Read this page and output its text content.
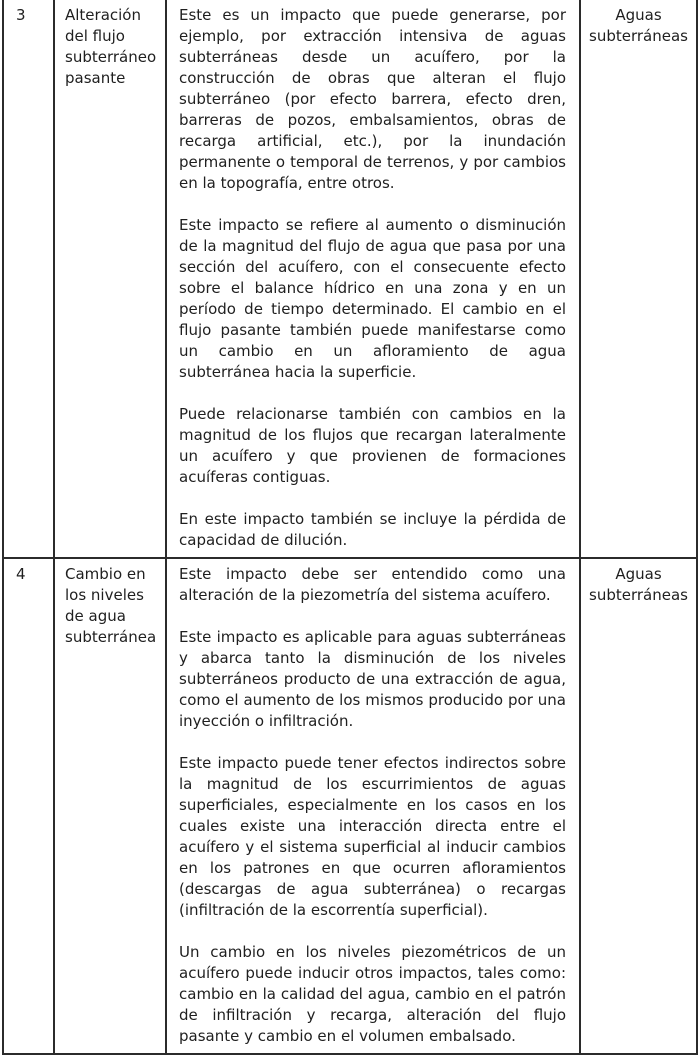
3	Alteración del flujo subterráneo pasante	Este es un impacto que puede generarse, por ejemplo, por extracción intensiva de aguas subterráneas desde un acuífero, por la construcción de obras que alteran el flujo subterráneo (por efecto barrera, efecto dren, barreras de pozos, embalsamientos, obras de recarga artificial, etc.), por la inundación permanente o temporal de terrenos, y por cambios en la topografía, entre otros.

Este impacto se refiere al aumento o disminución de la magnitud del flujo de agua que pasa por una sección del acuífero, con el consecuente efecto sobre el balance hídrico en una zona y en un período de tiempo determinado. El cambio en el flujo pasante también puede manifestarse como un cambio en un afloramiento de agua subterránea hacia la superficie.

Puede relacionarse también con cambios en la magnitud de los flujos que recargan lateralmente un acuífero y que provienen de formaciones acuíferas contiguas.

En este impacto también se incluye la pérdida de capacidad de dilución.	Aguas subterráneas
4	Cambio en los niveles de agua subterránea	Este impacto debe ser entendido como una alteración de la piezometría del sistema acuífero.

Este impacto es aplicable para aguas subterráneas y abarca tanto la disminución de los niveles subterráneos producto de una extracción de agua, como el aumento de los mismos producido por una inyección o infiltración.

Este impacto puede tener efectos indirectos sobre la magnitud de los escurrimientos de aguas superficiales, especialmente en los casos en los cuales existe una interacción directa entre el acuífero y el sistema superficial al inducir cambios en los patrones en que ocurren afloramientos (descargas de agua subterránea) o recargas (infiltración de la escorrentía superficial).

Un cambio en los niveles piezométricos de un acuífero puede inducir otros impactos, tales como: cambio en la calidad del agua, cambio en el patrón de infiltración y recarga, alteración del flujo pasante y cambio en el volumen embalsado.	Aguas subterráneas
